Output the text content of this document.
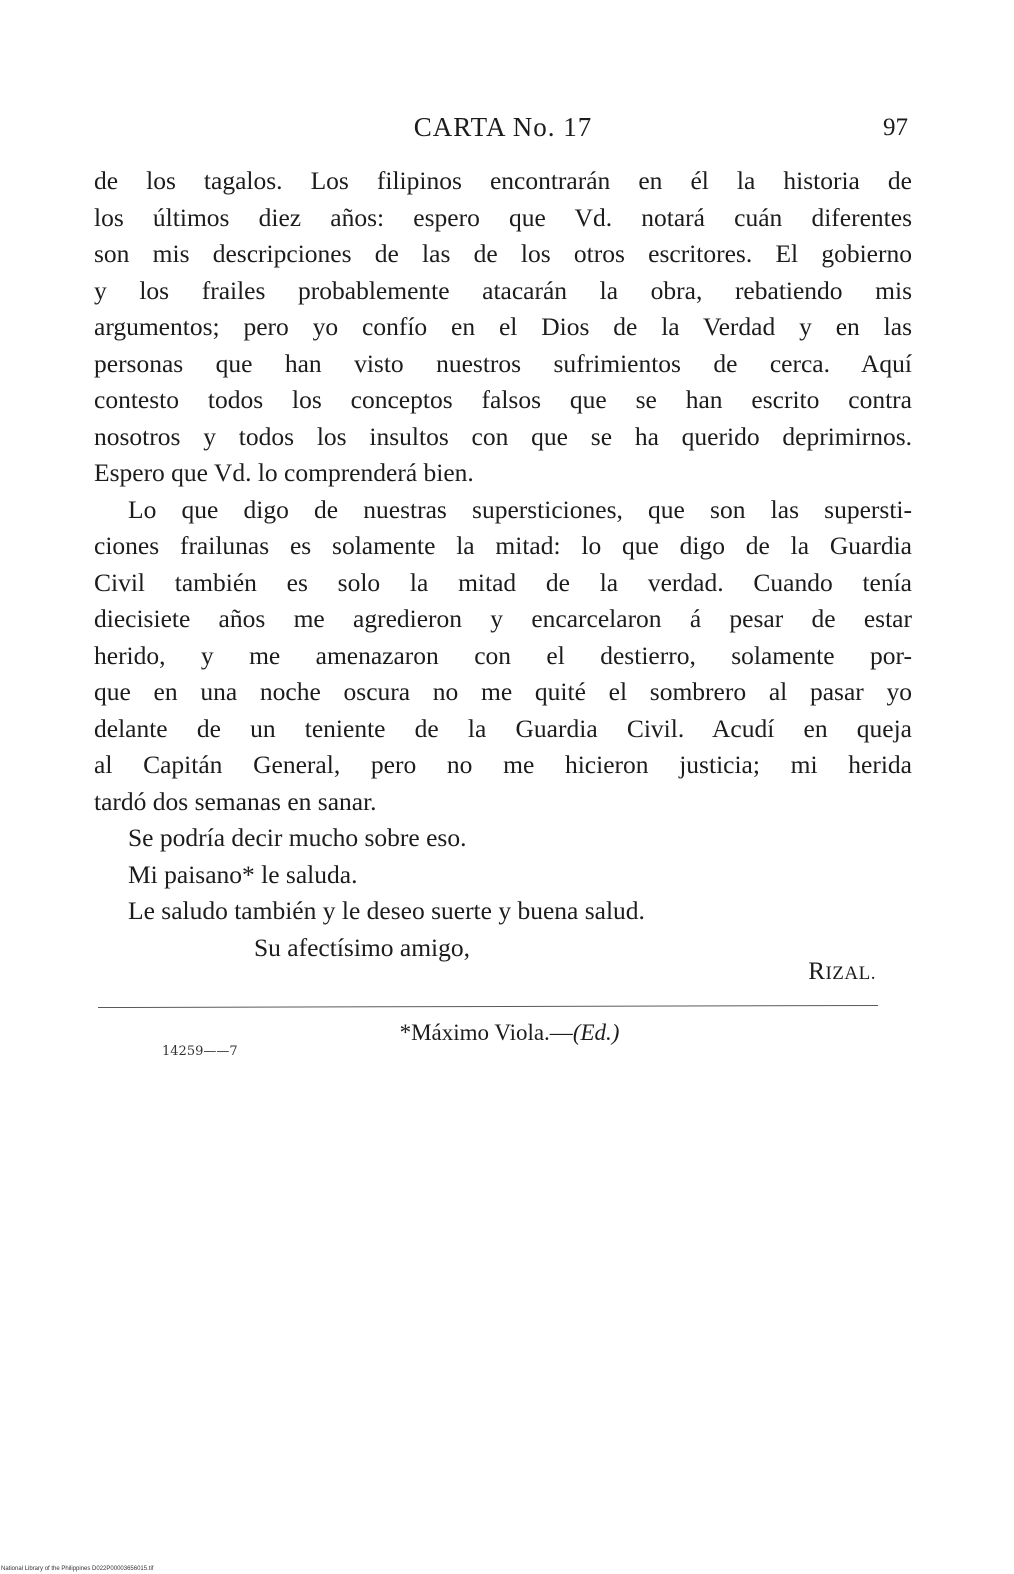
CARTA No. 17	97
de los tagalos. Los filipinos encontrarán en él la historia de
los últimos diez años: espero que Vd. notará cuán diferentes
son mis descripciones de las de los otros escritores. El gobierno
y los frailes probablemente atacarán la obra, rebatiendo mis
argumentos; pero yo confío en el Dios de la Verdad y en las
personas que han visto nuestros sufrimientos de cerca. Aquí
contesto todos los conceptos falsos que se han escrito contra
nosotros y todos los insultos con que se ha querido deprimirnos.
Espero que Vd. lo comprenderá bien.
Lo que digo de nuestras supersticiones, que son las supersti-
ciones frailunas es solamente la mitad: lo que digo de la Guardia
Civil también es solo la mitad de la verdad. Cuando tenía
diecisiete años me agredieron y encarcelaron á pesar de estar
herido, y me amenazaron con el destierro, solamente por-
que en una noche oscura no me quité el sombrero al pasar yo
delante de un teniente de la Guardia Civil. Acudí en queja
al Capitán General, pero no me hicieron justicia; mi herida
tardó dos semanas en sanar.
Se podría decir mucho sobre eso.
Mi paisano* le saluda.
Le saludo también y le deseo suerte y buena salud.
Su afectísimo amigo,
RIZAL.
*Máximo Viola.—(Ed.)
14259——7
National Library of the Philippines D022P00003656015.tif
